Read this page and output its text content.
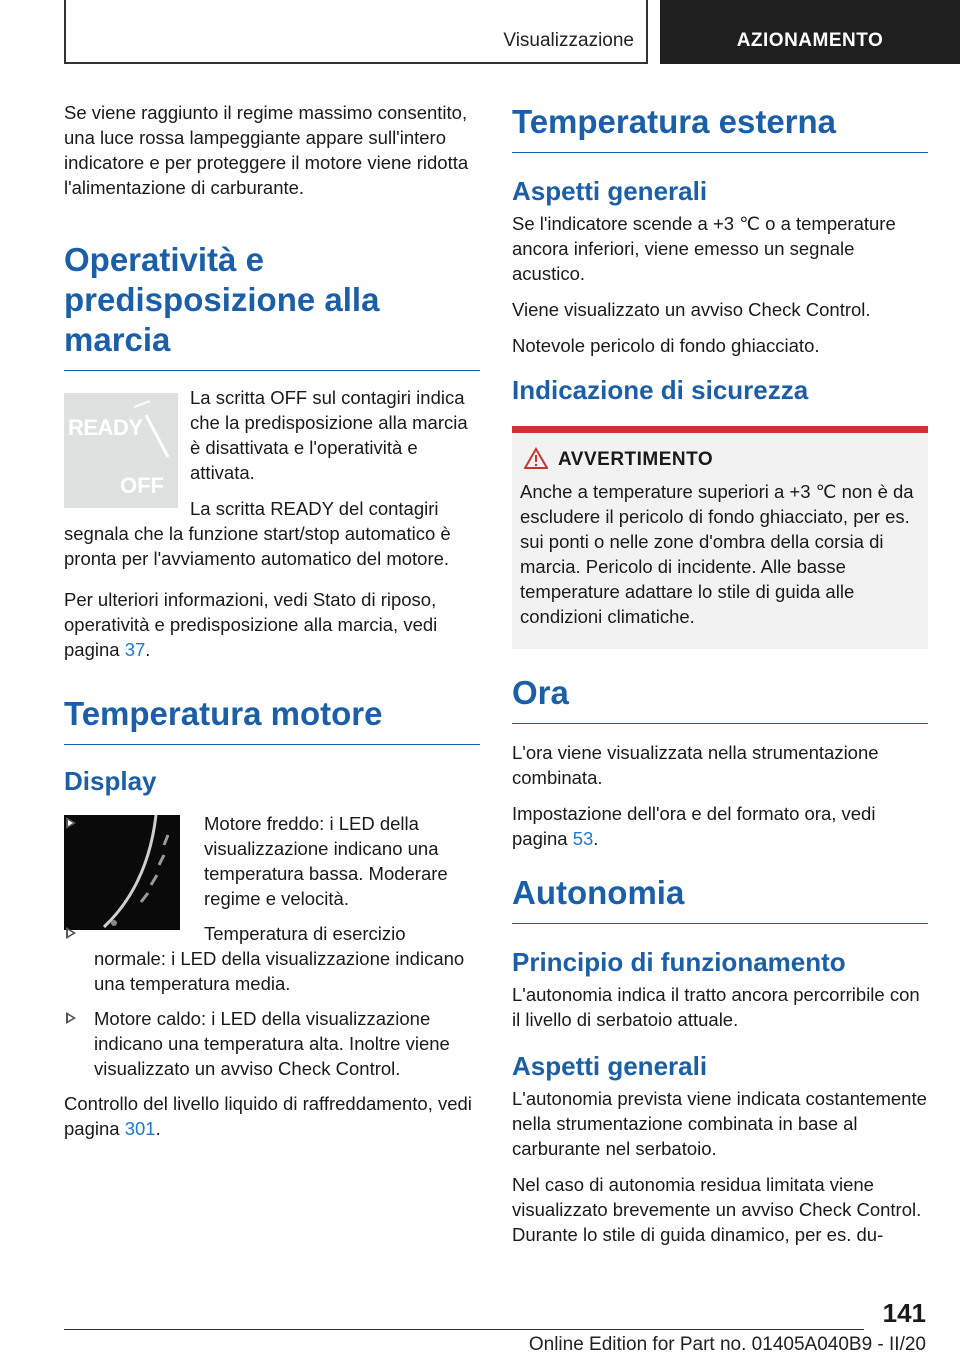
Visualizzazione	AZIONAMENTO

Se viene raggiunto il regime massimo consentito, una luce rossa lampeggiante appare sull'intero indicatore e per proteggere il motore viene ridotta l'alimentazione di carburante.

Operatività e predisposizione alla marcia
READY
OFF

La scritta OFF sul contagiri indica che la predisposizione alla marcia è disattivata e l'operatività e attivata.

La scritta READY del contagiri segnala che la funzione start/stop automatico è pronta per l'avviamento automatico del motore.

Per ulteriori informazioni, vedi Stato di riposo, operatività e predisposizione alla marcia, vedi pagina 37.

Temperatura motore
Display
Motore freddo: i LED della visualizzazione indicano una temperatura bassa. Moderare regime e velocità.
Temperatura di esercizio normale: i LED della visualizzazione indicano una temperatura media.
Motore caldo: i LED della visualizzazione indicano una temperatura alta. Inoltre viene visualizzato un avviso Check Control.

Controllo del livello liquido di raffreddamento, vedi pagina 301.

Temperatura esterna
Aspetti generali

Se l'indicatore scende a +3 ℃ o a temperature ancora inferiori, viene emesso un segnale acustico.

Viene visualizzato un avviso Check Control.

Notevole pericolo di fondo ghiacciato.

Indicazione di sicurezza
AVVERTIMENTO

Anche a temperature superiori a +3 ℃ non è da escludere il pericolo di fondo ghiacciato, per es. sui ponti o nelle zone d'ombra della corsia di marcia. Pericolo di incidente. Alle basse temperature adattare lo stile di guida alle condizioni climatiche.

Ora

L'ora viene visualizzata nella strumentazione combinata.

Impostazione dell'ora e del formato ora, vedi pagina 53.

Autonomia
Principio di funzionamento

L'autonomia indica il tratto ancora percorribile con il livello di serbatoio attuale.

Aspetti generali

L'autonomia prevista viene indicata costantemente nella strumentazione combinata in base al carburante nel serbatoio.

Nel caso di autonomia residua limitata viene visualizzato brevemente un avviso Check Control. Durante lo stile di guida dinamico, per es. du-

141
Online Edition for Part no. 01405A040B9 - II/20
